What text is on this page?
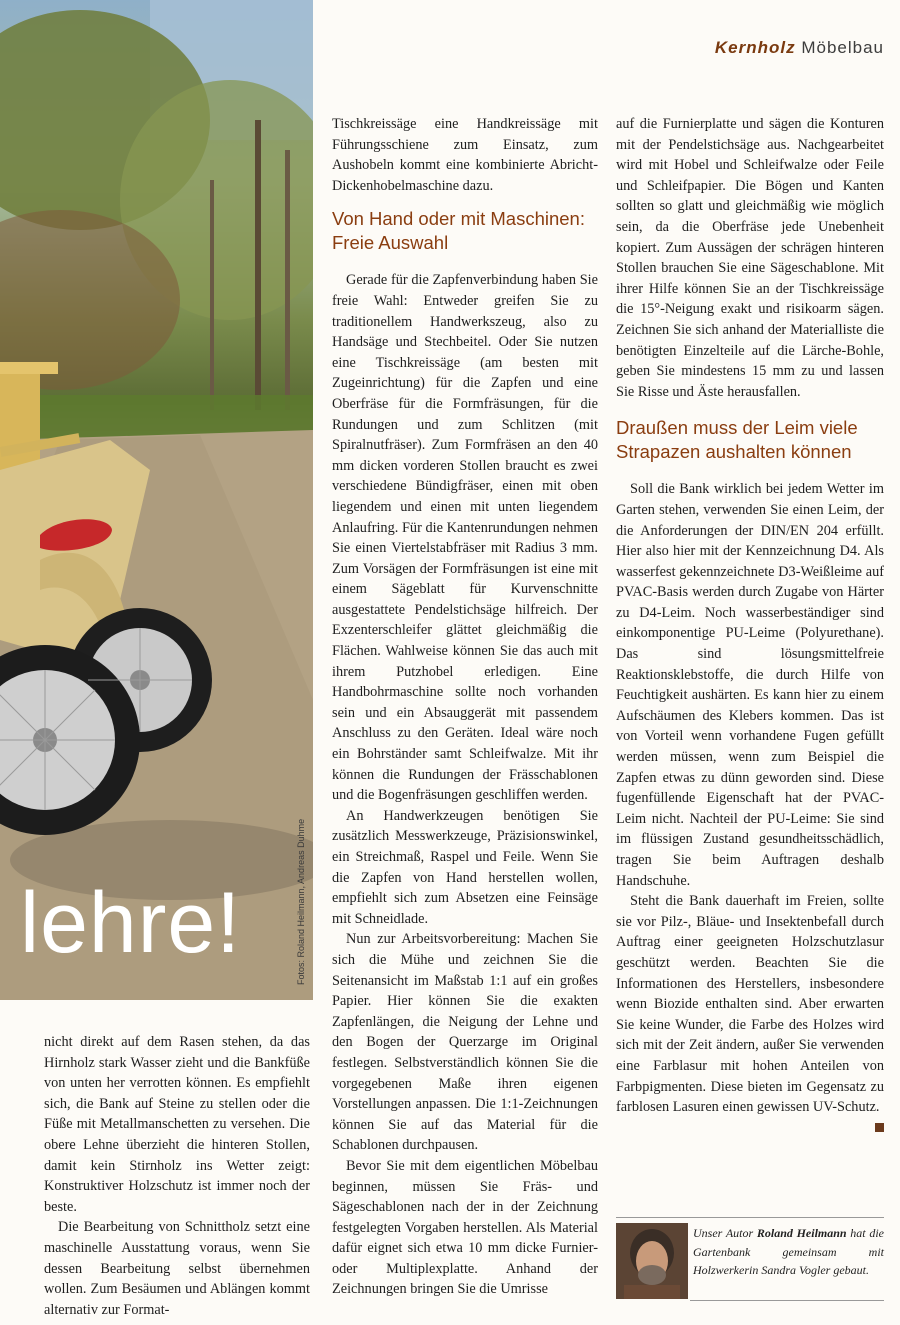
lehre!	Fotos: Roland Heilmann, Andreas Duhme
Kernholz Möbelbau

nicht direkt auf dem Rasen stehen, da das Hirnholz stark Wasser zieht und die Bankfüße von unten her verrotten können. Es empfiehlt sich, die Bank auf Steine zu stellen oder die Füße mit Metallmanschetten zu versehen. Die obere Lehne überzieht die hinteren Stollen, damit kein Stirnholz ins Wetter zeigt: Konstruktiver Holzschutz ist immer noch der beste.

Die Bearbeitung von Schnittholz setzt eine maschinelle Ausstattung voraus, wenn Sie dessen Bearbeitung selbst übernehmen wollen. Zum Besäumen und Ablängen kommt alternativ zur Format-

Tischkreissäge eine Handkreissäge mit Führungsschiene zum Einsatz, zum Aushobeln kommt eine kombinierte Abricht-Dickenhobelmaschine dazu.

Von Hand oder mit Maschinen: Freie Auswahl

Gerade für die Zapfenverbindung haben Sie freie Wahl: Entweder greifen Sie zu traditionellem Handwerkszeug, also zu Handsäge und Stechbeitel. Oder Sie nutzen eine Tischkreissäge (am besten mit Zugeinrichtung) für die Zapfen und eine Oberfräse für die Formfräsungen, für die Rundungen und zum Schlitzen (mit Spiralnutfräser). Zum Formfräsen an den 40 mm dicken vorderen Stollen braucht es zwei verschiedene Bündigfräser, einen mit oben liegendem und einen mit unten liegendem Anlaufring. Für die Kantenrundungen nehmen Sie einen Viertelstabfräser mit Radius 3 mm. Zum Vorsägen der Formfräsungen ist eine mit einem Sägeblatt für Kurvenschnitte ausgestattete Pendelstichsäge hilfreich. Der Exzenterschleifer glättet gleichmäßig die Flächen. Wahlweise können Sie das auch mit ihrem Putzhobel erledigen. Eine Handbohrmaschine sollte noch vorhanden sein und ein Absauggerät mit passendem Anschluss zu den Geräten. Ideal wäre noch ein Bohrständer samt Schleifwalze. Mit ihr können die Rundungen der Frässchablonen und die Bogenfräsungen geschliffen werden.

An Handwerkzeugen benötigen Sie zusätzlich Messwerkzeuge, Präzisionswinkel, ein Streichmaß, Raspel und Feile. Wenn Sie die Zapfen von Hand herstellen wollen, empfiehlt sich zum Absetzen eine Feinsäge mit Schneidlade.

Nun zur Arbeitsvorbereitung: Machen Sie sich die Mühe und zeichnen Sie die Seitenansicht im Maßstab 1:1 auf ein großes Papier. Hier können Sie die exakten Zapfenlängen, die Neigung der Lehne und den Bogen der Querzarge im Original festlegen. Selbstverständlich können Sie die vorgegebenen Maße ihren eigenen Vorstellungen anpassen. Die 1:1-Zeichnungen können Sie auf das Material für die Schablonen durchpausen.

Bevor Sie mit dem eigentlichen Möbelbau beginnen, müssen Sie Fräs- und Sägeschablonen nach der in der Zeichnung festgelegten Vorgaben herstellen. Als Material dafür eignet sich etwa 10 mm dicke Furnier- oder Multiplexplatte. Anhand der Zeichnungen bringen Sie die Umrisse

auf die Furnierplatte und sägen die Konturen mit der Pendelstichsäge aus. Nachgearbeitet wird mit Hobel und Schleifwalze oder Feile und Schleifpapier. Die Bögen und Kanten sollten so glatt und gleichmäßig wie möglich sein, da die Oberfräse jede Unebenheit kopiert. Zum Aussägen der schrägen hinteren Stollen brauchen Sie eine Sägeschablone. Mit ihrer Hilfe können Sie an der Tischkreissäge die 15°-Neigung exakt und risikoarm sägen. Zeichnen Sie sich anhand der Materialliste die benötigten Einzelteile auf die Lärche-Bohle, geben Sie mindestens 15 mm zu und lassen Sie Risse und Äste herausfallen.

Draußen muss der Leim viele Strapazen aushalten können

Soll die Bank wirklich bei jedem Wetter im Garten stehen, verwenden Sie einen Leim, der die Anforderungen der DIN/EN 204 erfüllt. Hier also hier mit der Kennzeichnung D4. Als wasserfest gekennzeichnete D3-Weißleime auf PVAC-Basis werden durch Zugabe von Härter zu D4-Leim. Noch wasserbeständiger sind einkomponentige PU-Leime (Polyurethane). Das sind lösungsmittelfreie Reaktionsklebstoffe, die durch Hilfe von Feuchtigkeit aushärten. Es kann hier zu einem Aufschäumen des Klebers kommen. Das ist von Vorteil wenn vorhandene Fugen gefüllt werden müssen, wenn zum Beispiel die Zapfen etwas zu dünn geworden sind. Diese fugenfüllende Eigenschaft hat der PVAC-Leim nicht. Nachteil der PU-Leime: Sie sind im flüssigen Zustand gesundheitsschädlich, tragen Sie beim Auftragen deshalb Handschuhe.

Steht die Bank dauerhaft im Freien, sollte sie vor Pilz-, Bläue- und Insektenbefall durch Auftrag einer geeigneten Holzschutzlasur geschützt werden. Beachten Sie die Informationen des Herstellers, insbesondere wenn Biozide enthalten sind. Aber erwarten Sie keine Wunder, die Farbe des Holzes wird sich mit der Zeit ändern, außer Sie verwenden eine Farblasur mit hohen Anteilen von Farbpigmenten. Diese bieten im Gegensatz zu farblosen Lasuren einen gewissen UV-Schutz.

Unser Autor Roland Heilmann hat die Gartenbank gemeinsam mit Holzwerkerin Sandra Vogler gebaut.
